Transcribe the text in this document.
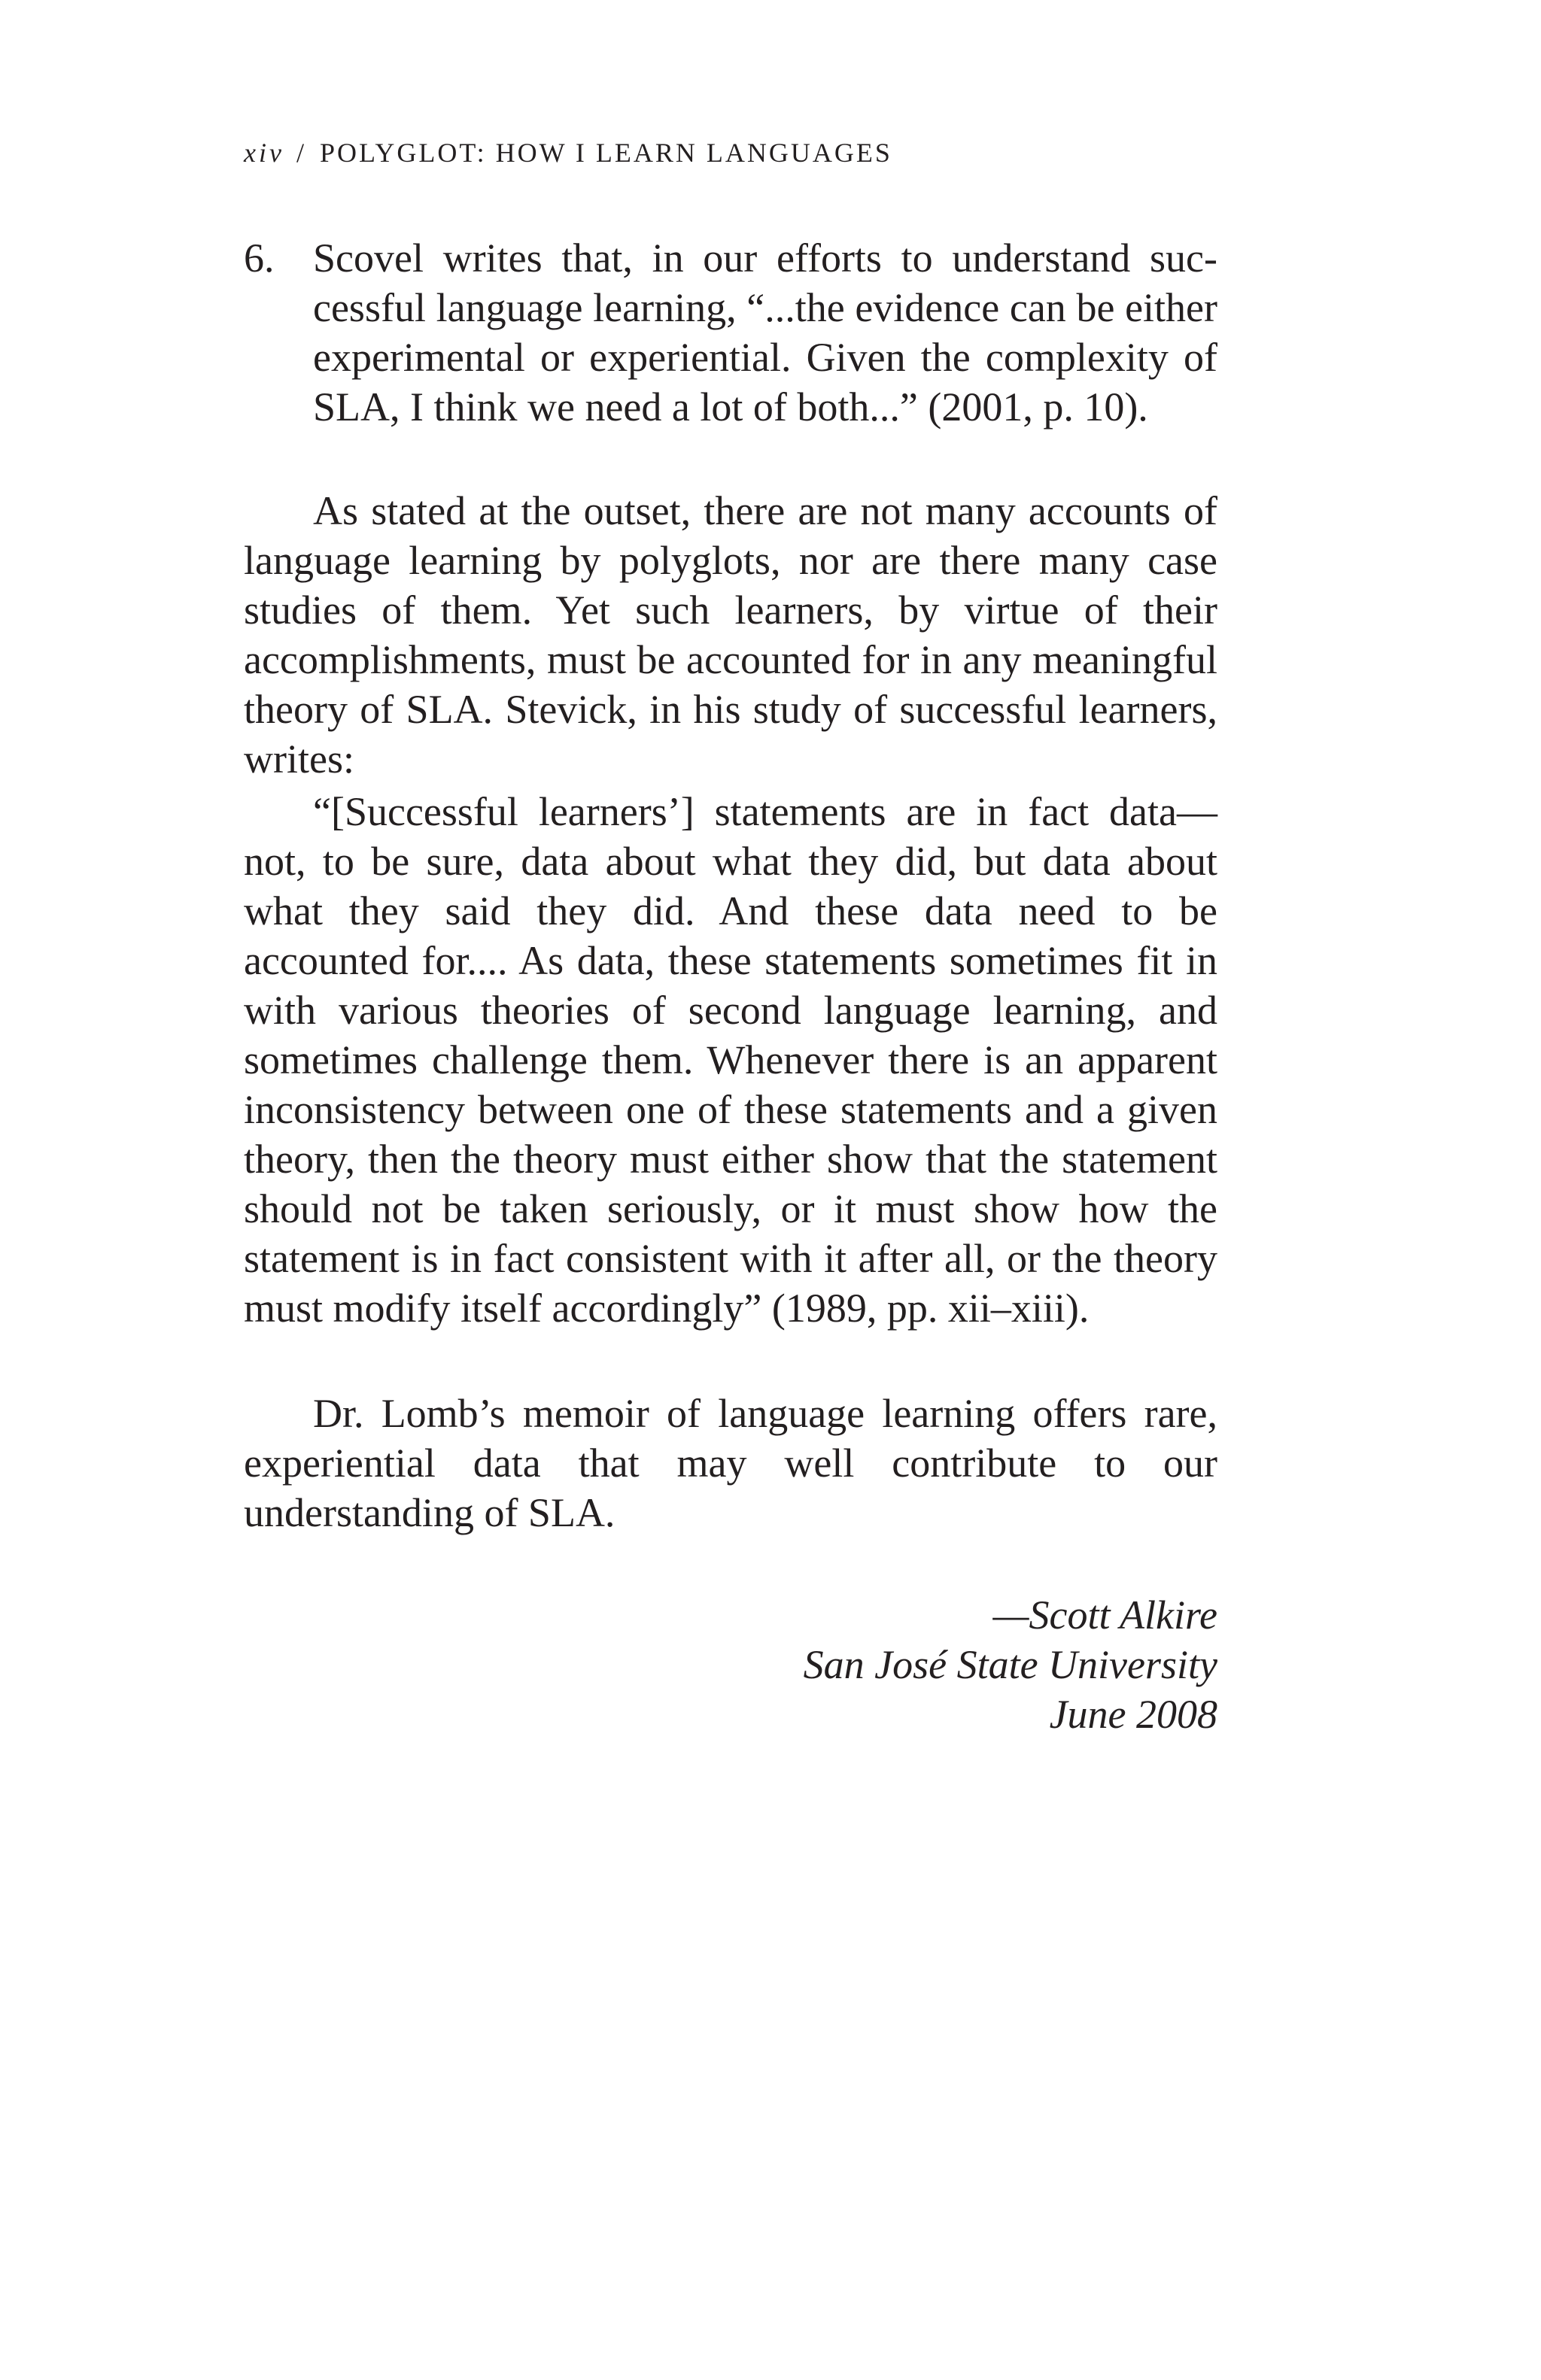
xiv / POLYGLOT: HOW I LEARN LANGUAGES
6. Scovel writes that, in our efforts to understand successful language learning, “...the evidence can be either experimental or experiential. Given the complexity of SLA, I think we need a lot of both...” (2001, p. 10).
As stated at the outset, there are not many accounts of language learning by polyglots, nor are there many case studies of them. Yet such learners, by virtue of their accomplishments, must be accounted for in any meaningful theory of SLA. Stevick, in his study of successful learners, writes:
“[Successful learners’] statements are in fact data—not, to be sure, data about what they did, but data about what they said they did. And these data need to be accounted for.... As data, these statements sometimes fit in with various theories of second language learning, and sometimes challenge them. Whenever there is an apparent inconsistency between one of these statements and a given theory, then the theory must either show that the statement should not be taken seriously, or it must show how the statement is in fact consistent with it after all, or the theory must modify itself accordingly” (1989, pp. xii–xiii).
Dr. Lomb’s memoir of language learning offers rare, experiential data that may well contribute to our understanding of SLA.
—Scott Alkire
San José State University
June 2008
